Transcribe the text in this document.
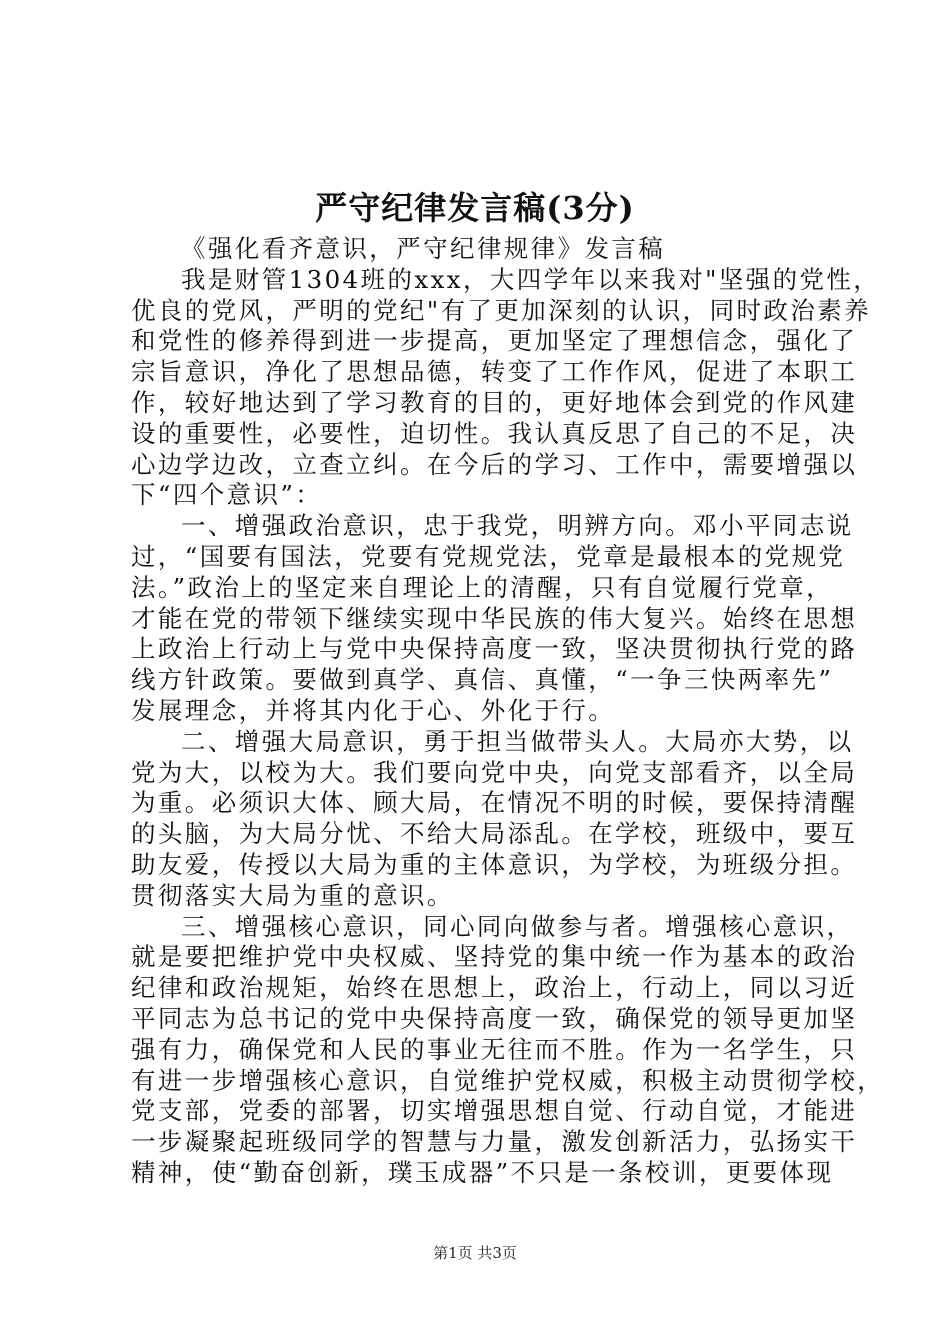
严守纪律发言稿(3分)
《强化看齐意识，严守纪律规律》发言稿
我是财管1304班的xxx，大四学年以来我对"坚强的党性，
优良的党风，严明的党纪"有了更加深刻的认识，同时政治素养
和党性的修养得到进一步提高，更加坚定了理想信念，强化了
宗旨意识，净化了思想品德，转变了工作作风，促进了本职工
作，较好地达到了学习教育的目的，更好地体会到党的作风建
设的重要性，必要性，迫切性。我认真反思了自己的不足，决
心边学边改，立查立纠。在今后的学习、工作中，需要增强以
下“四个意识”：
一、增强政治意识，忠于我党，明辨方向。邓小平同志说
过，“国要有国法，党要有党规党法，党章是最根本的党规党
法。”政治上的坚定来自理论上的清醒，只有自觉履行党章，
才能在党的带领下继续实现中华民族的伟大复兴。始终在思想
上政治上行动上与党中央保持高度一致，坚决贯彻执行党的路
线方针政策。要做到真学、真信、真懂，“一争三快两率先”
发展理念，并将其内化于心、外化于行。
二、增强大局意识，勇于担当做带头人。大局亦大势，以
党为大，以校为大。我们要向党中央，向党支部看齐，以全局
为重。必须识大体、顾大局，在情况不明的时候，要保持清醒
的头脑，为大局分忧、不给大局添乱。在学校，班级中，要互
助友爱，传授以大局为重的主体意识，为学校，为班级分担。
贯彻落实大局为重的意识。
三、增强核心意识，同心同向做参与者。增强核心意识，
就是要把维护党中央权威、坚持党的集中统一作为基本的政治
纪律和政治规矩，始终在思想上，政治上，行动上，同以习近
平同志为总书记的党中央保持高度一致，确保党的领导更加坚
强有力，确保党和人民的事业无往而不胜。作为一名学生，只
有进一步增强核心意识，自觉维护党权威，积极主动贯彻学校，
党支部，党委的部署，切实增强思想自觉、行动自觉，才能进
一步凝聚起班级同学的智慧与力量，激发创新活力，弘扬实干
精神，使“勤奋创新，璞玉成器”不只是一条校训，更要体现
第1页 共3页
